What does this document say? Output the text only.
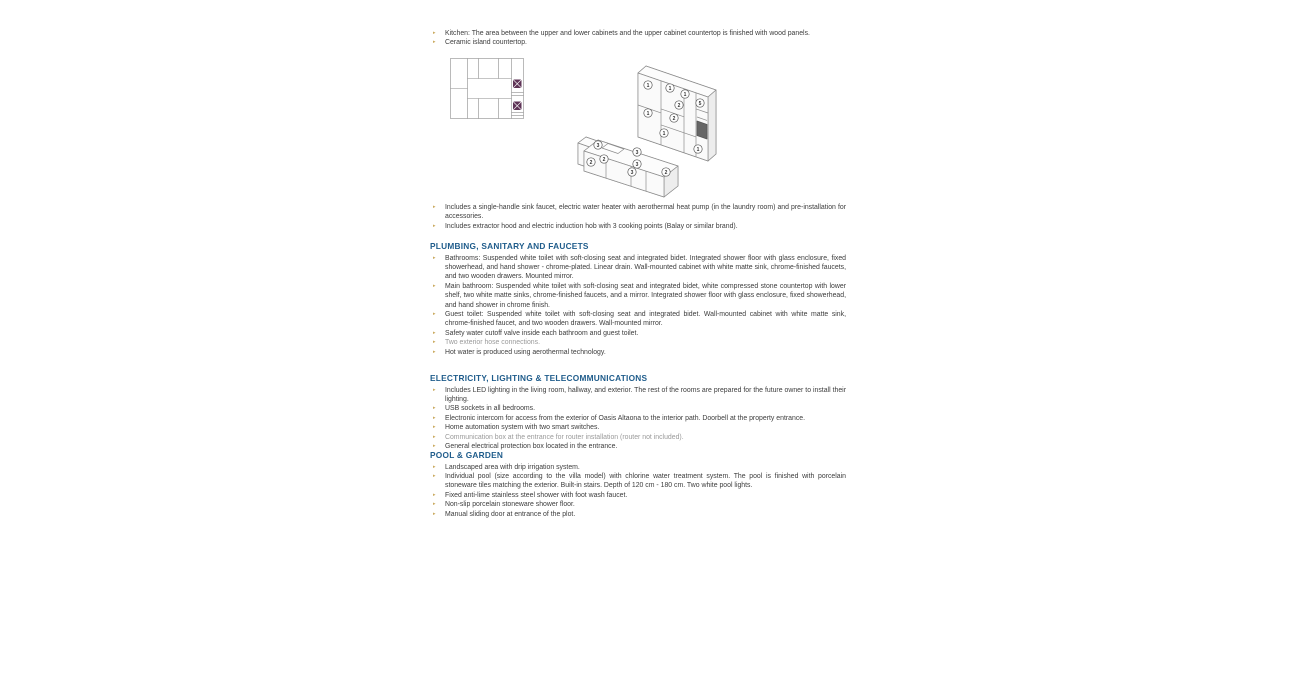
▸	Kitchen: The area between the upper and lower cabinets and the upper cabinet countertop is finished with wood panels.
▸	Ceramic island countertop.
1	1
1
5
2
2
1
1
1
3
2 2
3
3
3	2
▸	Includes a single-handle sink faucet, electric water heater with aerothermal heat pump (in the laundry room) and pre-installation for accessories.
▸	Includes extractor hood and electric induction hob with 3 cooking points (Balay or similar brand).
PLUMBING, SANITARY AND FAUCETS
▸	Bathrooms: Suspended white toilet with soft-closing seat and integrated bidet. Integrated shower floor with glass enclosure, fixed showerhead, and hand shower - chrome-plated. Linear drain. Wall-mounted cabinet with white matte sink, chrome-finished faucets, and two wooden drawers. Mounted mirror.
▸	Main bathroom: Suspended white toilet with soft-closing seat and integrated bidet, white compressed stone countertop with lower shelf, two white matte sinks, chrome-finished faucets, and a mirror. Integrated shower floor with glass enclosure, fixed showerhead, and hand shower in chrome finish.
▸	Guest toilet: Suspended white toilet with soft-closing seat and integrated bidet. Wall-mounted cabinet with white matte sink, chrome-finished faucet, and two wooden drawers. Wall-mounted mirror.
▸	Safety water cutoff valve inside each bathroom and guest toilet.
▸	Two exterior hose connections.
▸	Hot water is produced using aerothermal technology.
ELECTRICITY, LIGHTING & TELECOMMUNICATIONS
▸	Includes LED lighting in the living room, hallway, and exterior. The rest of the rooms are prepared for the future owner to install their lighting.
▸	USB sockets in all bedrooms.
▸	Electronic intercom for access from the exterior of Oasis Altaona to the interior path. Doorbell at the property entrance.
▸	Home automation system with two smart switches.
▸	Communication box at the entrance for router installation (router not included).
▸	General electrical protection box located in the entrance.
POOL & GARDEN
▸	Landscaped area with drip irrigation system.
▸	Individual pool (size according to the villa model) with chlorine water treatment system. The pool is finished with porcelain stoneware tiles matching the exterior. Built-in stairs. Depth of 120 cm - 180 cm. Two white pool lights.
▸	Fixed anti-lime stainless steel shower with foot wash faucet.
▸	Non-slip porcelain stoneware shower floor.
▸	Manual sliding door at entrance of the plot.
